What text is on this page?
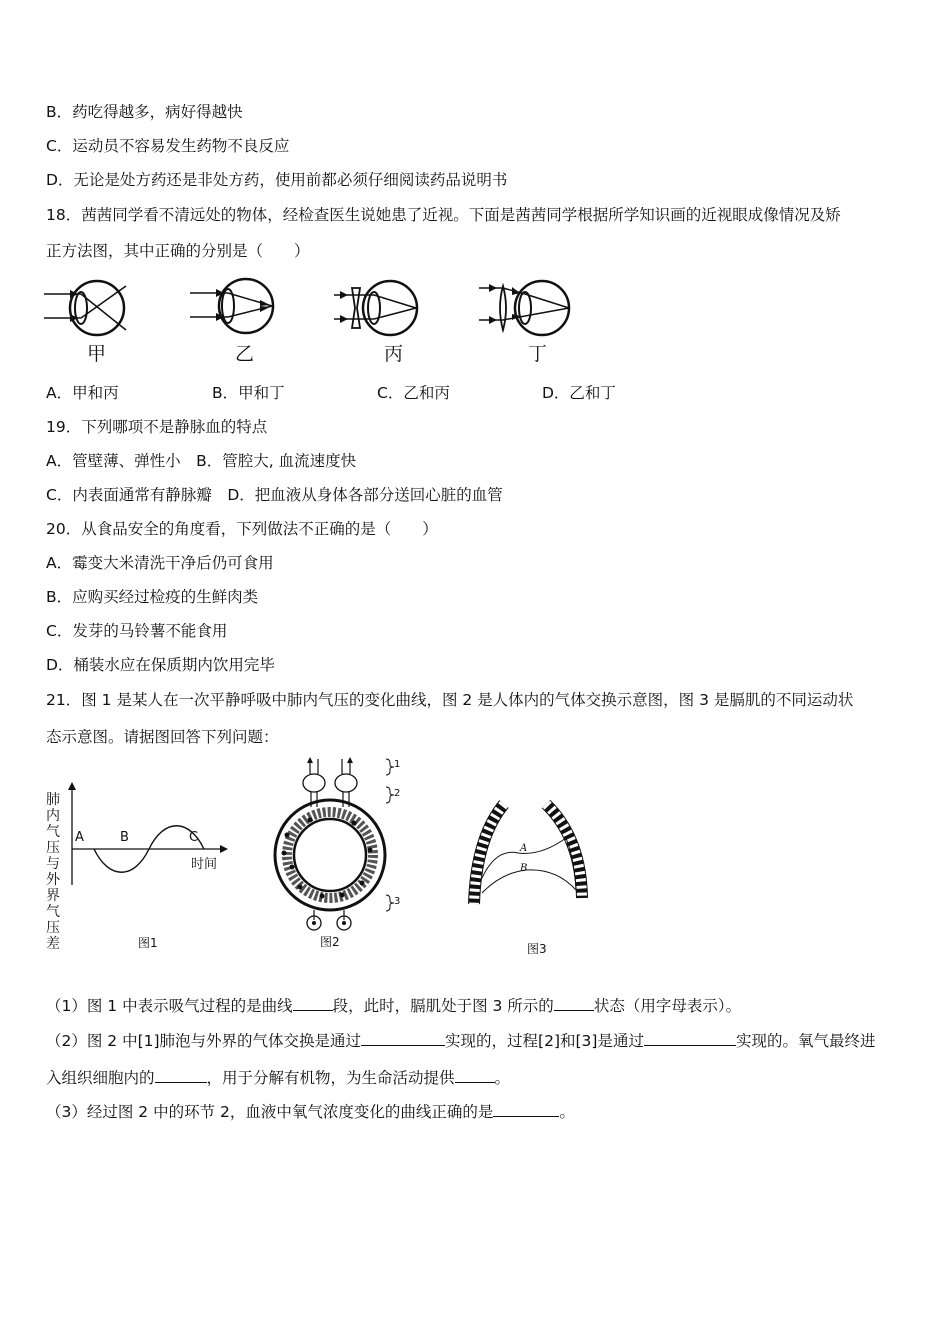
B．药吃得越多，病好得越快
C．运动员不容易发生药物不良反应
D．无论是处方药还是非处方药，使用前都必须仔细阅读药品说明书
18．茜茜同学看不清远处的物体，经检查医生说她患了近视。下面是茜茜同学根据所学知识画的近视眼成像情况及矫
正方法图，其中正确的分别是（　　）
甲	乙	丙	丁
A．甲和丙	B．甲和丁	C．乙和丙	D．乙和丁
19．下列哪项不是静脉血的特点
A．管壁薄、弹性小　B．管腔大, 血流速度快
C．内表面通常有静脉瓣　D．把血液从身体各部分送回心脏的血管
20．从食品安全的角度看，下列做法不正确的是（　　）
A．霉变大米清洗干净后仍可食用
B．应购买经过检疫的生鲜肉类
C．发芽的马铃薯不能食用
D．桶装水应在保质期内饮用完毕
21．图 1 是某人在一次平静呼吸中肺内气压的变化曲线，图 2 是人体内的气体交换示意图，图 3 是膈肌的不同运动状
态示意图。请据图回答下列问题：
肺内气压与外界气压差
A	B	C
时间
图1
1
2
3
图2
A
B
图3
（1）图 1 中表示吸气过程的是曲线	段，此时，膈肌处于图 3 所示的	状态（用字母表示）。
（2）图 2 中[1]肺泡与外界的气体交换是通过	实现的，过程[2]和[3]是通过	实现的。氧气最终进
入组织细胞内的	，用于分解有机物，为生命活动提供	。
（3）经过图 2 中的环节 2，血液中氧气浓度变化的曲线正确的是	。
